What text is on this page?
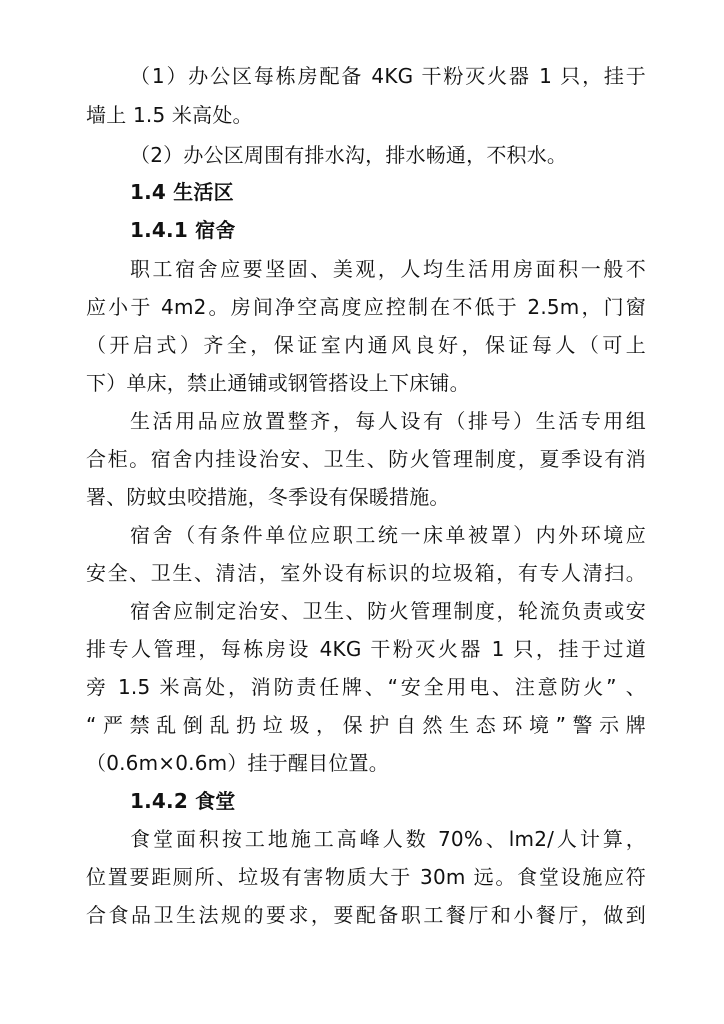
（1）办公区每栋房配备 4KG 干粉灭火器 1 只，挂于
墙上 1.5 米高处。
（2）办公区周围有排水沟，排水畅通，不积水。
1.4 生活区
1.4.1 宿舍
职工宿舍应要坚固、美观，人均生活用房面积一般不
应小于 4m2。房间净空高度应控制在不低于 2.5m，门窗
（开启式）齐全，保证室内通风良好，保证每人（可上
下）单床，禁止通铺或钢管搭设上下床铺。
生活用品应放置整齐，每人设有（排号）生活专用组
合柜。宿舍内挂设治安、卫生、防火管理制度，夏季设有消
署、防蚊虫咬措施，冬季设有保暖措施。
宿舍（有条件单位应职工统一床单被罩）内外环境应
安全、卫生、清洁，室外设有标识的垃圾箱，有专人清扫。
宿舍应制定治安、卫生、防火管理制度，轮流负责或安
排专人管理，每栋房设 4KG 干粉灭火器 1 只，挂于过道
旁 1.5 米高处，消防责任牌、“安全用电、注意防火” 、
“严禁乱倒乱扔垃圾，保护自然生态环境”警示牌
（0.6m×0.6m）挂于醒目位置。
1.4.2 食堂
食堂面积按工地施工高峰人数 70%、lm2/人计算，
位置要距厕所、垃圾有害物质大于 30m 远。食堂设施应符
合食品卫生法规的要求，要配备职工餐厅和小餐厅，做到
